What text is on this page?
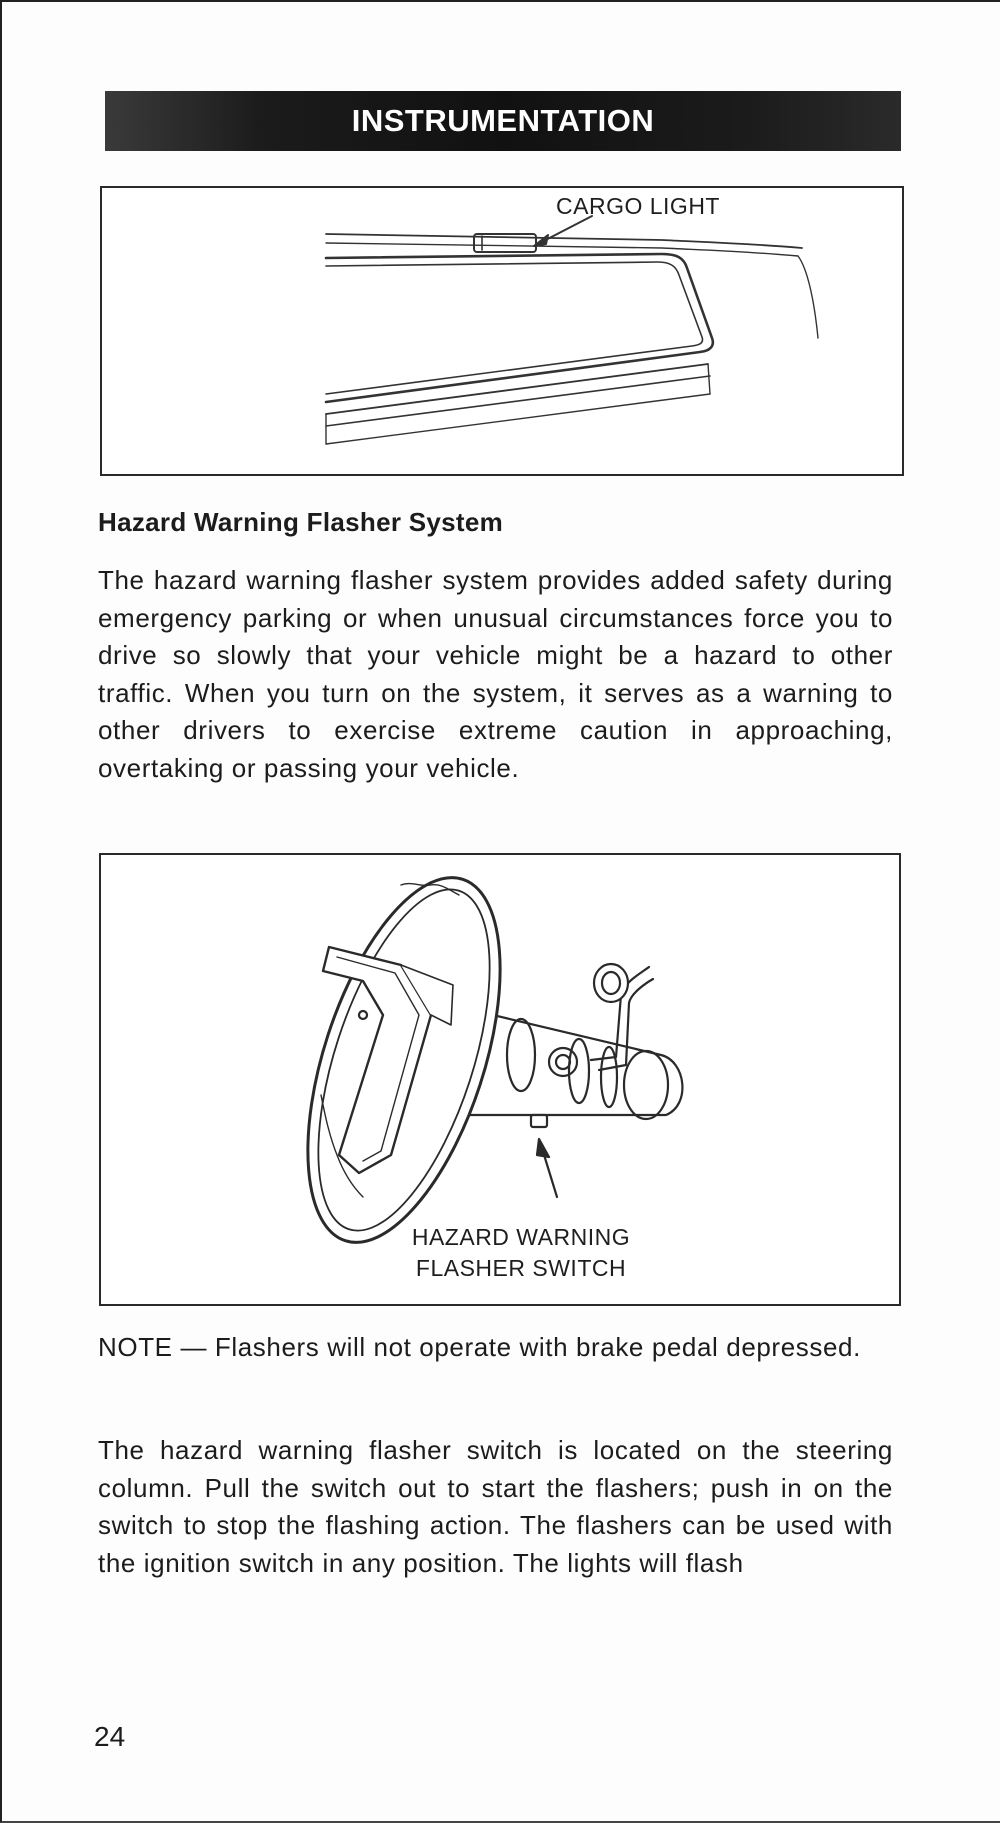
INSTRUMENTATION
CARGO LIGHT
Hazard Warning Flasher System

The hazard warning flasher system provides added safety during emergency parking or when unusual circumstances force you to drive so slowly that your vehicle might be a hazard to other traffic. When you turn on the system, it serves as a warning to other drivers to exercise extreme caution in approaching, overtaking or passing your vehicle.

HAZARD WARNING
FLASHER SWITCH

NOTE — Flashers will not operate with brake pedal depressed.

The hazard warning flasher switch is located on the steering column. Pull the switch out to start the flashers; push in on the switch to stop the flashing action. The flashers can be used with the ignition switch in any position. The lights will flash

24
